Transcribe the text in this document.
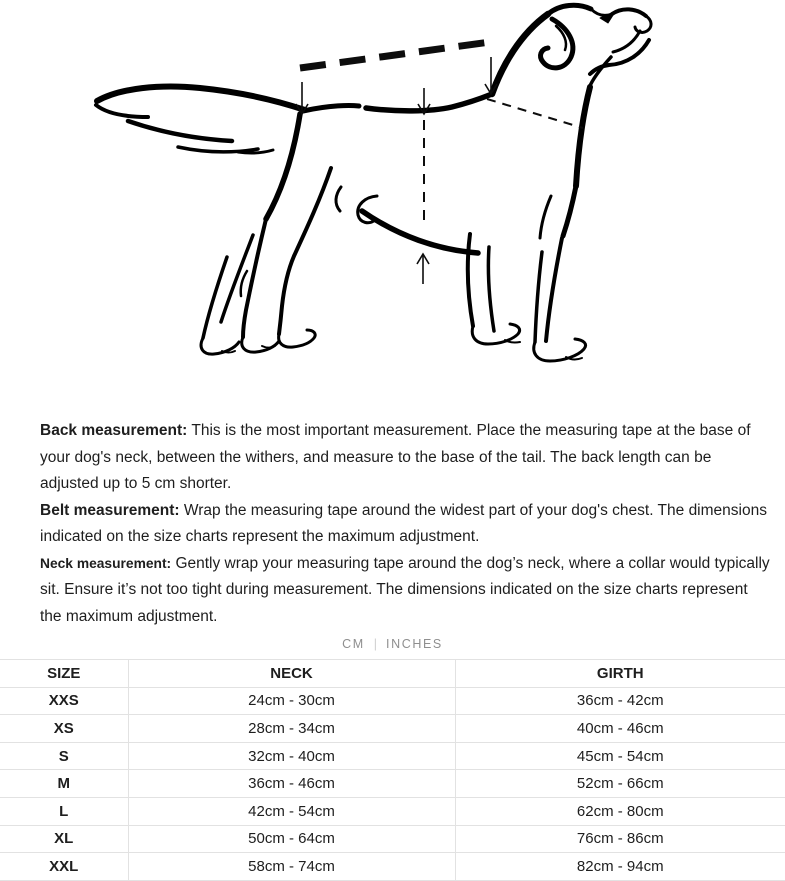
Back measurement: This is the most important measurement. Place the measuring tape at the base of your dog's neck, between the withers, and measure to the base of the tail. The back length can be adjusted up to 5 cm shorter.

Belt measurement: Wrap the measuring tape around the widest part of your dog's chest. The dimensions indicated on the size charts represent the maximum adjustment.

Neck measurement: Gently wrap your measuring tape around the dog’s neck, where a collar would typically sit. Ensure it’s not too tight during measurement. The dimensions indicated on the size charts represent the maximum adjustment.

CM | INCHES
SIZE	NECK	GIRTH
XXS	24cm - 30cm	36cm - 42cm
XS	28cm - 34cm	40cm - 46cm
S	32cm - 40cm	45cm - 54cm
M	36cm - 46cm	52cm - 66cm
L	42cm - 54cm	62cm - 80cm
XL	50cm - 64cm	76cm - 86cm
XXL	58cm - 74cm	82cm - 94cm
